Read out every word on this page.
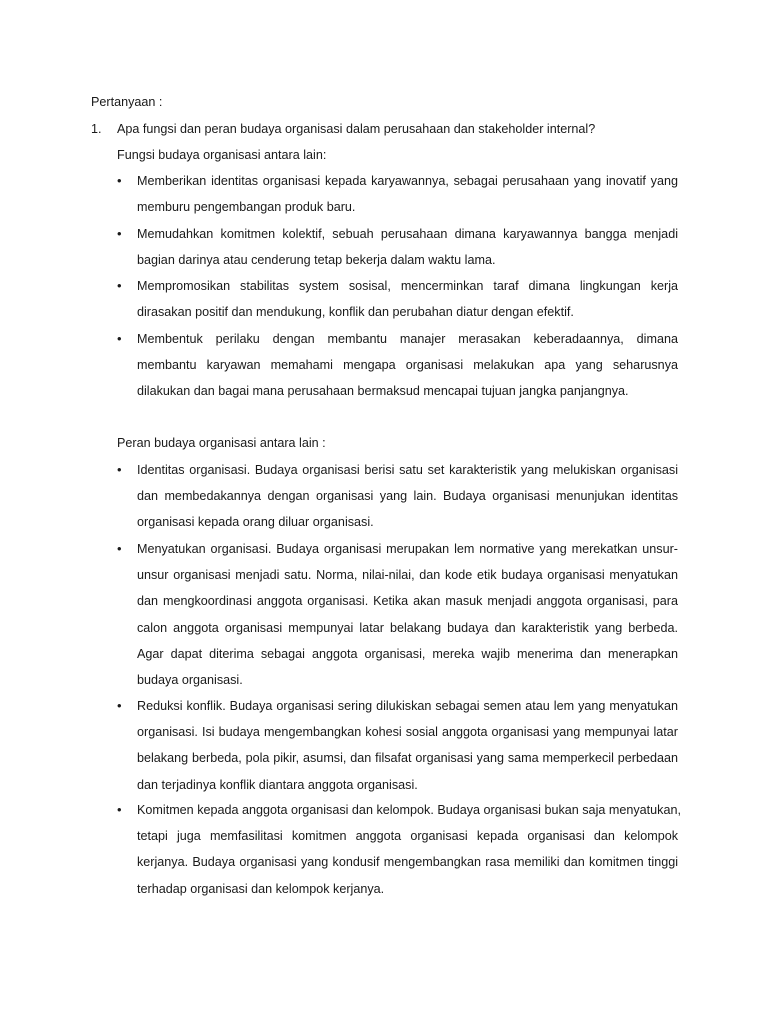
Pertanyaan :
1. Apa fungsi dan peran budaya organisasi dalam perusahaan dan stakeholder internal?
Fungsi budaya organisasi antara lain:
• Memberikan identitas organisasi kepada karyawannya, sebagai perusahaan yang inovatif yang
memburu pengembangan produk baru.
• Memudahkan komitmen kolektif, sebuah perusahaan dimana karyawannya bangga menjadi
bagian darinya atau cenderung tetap bekerja dalam waktu lama.
• Mempromosikan stabilitas system sosisal, mencerminkan taraf dimana lingkungan kerja
dirasakan positif dan mendukung, konflik dan perubahan diatur dengan efektif.
• Membentuk perilaku dengan membantu manajer merasakan keberadaannya, dimana
membantu karyawan memahami mengapa organisasi melakukan apa yang seharusnya
dilakukan dan bagai mana perusahaan bermaksud mencapai tujuan jangka panjangnya.
Peran budaya organisasi antara lain :
• Identitas organisasi. Budaya organisasi berisi satu set karakteristik yang melukiskan organisasi
dan membedakannya dengan organisasi yang lain. Budaya organisasi menunjukan identitas
organisasi kepada orang diluar organisasi.
• Menyatukan organisasi. Budaya organisasi merupakan lem normative yang merekatkan unsur-
unsur organisasi menjadi satu. Norma, nilai-nilai, dan kode etik budaya organisasi menyatukan
dan mengkoordinasi anggota organisasi. Ketika akan masuk menjadi anggota organisasi, para
calon anggota organisasi mempunyai latar belakang budaya dan karakteristik yang berbeda.
Agar dapat diterima sebagai anggota organisasi, mereka wajib menerima dan menerapkan
budaya organisasi.
• Reduksi konflik. Budaya organisasi sering dilukiskan sebagai semen atau lem yang menyatukan
organisasi. Isi budaya mengembangkan kohesi sosial anggota organisasi yang mempunyai latar
belakang berbeda, pola pikir, asumsi, dan filsafat organisasi yang sama memperkecil perbedaan
dan terjadinya konflik diantara anggota organisasi.
• Komitmen kepada anggota organisasi dan kelompok. Budaya organisasi bukan saja menyatukan,
tetapi juga memfasilitasi komitmen anggota organisasi kepada organisasi dan kelompok
kerjanya. Budaya organisasi yang kondusif mengembangkan rasa memiliki dan komitmen tinggi
terhadap organisasi dan kelompok kerjanya.
